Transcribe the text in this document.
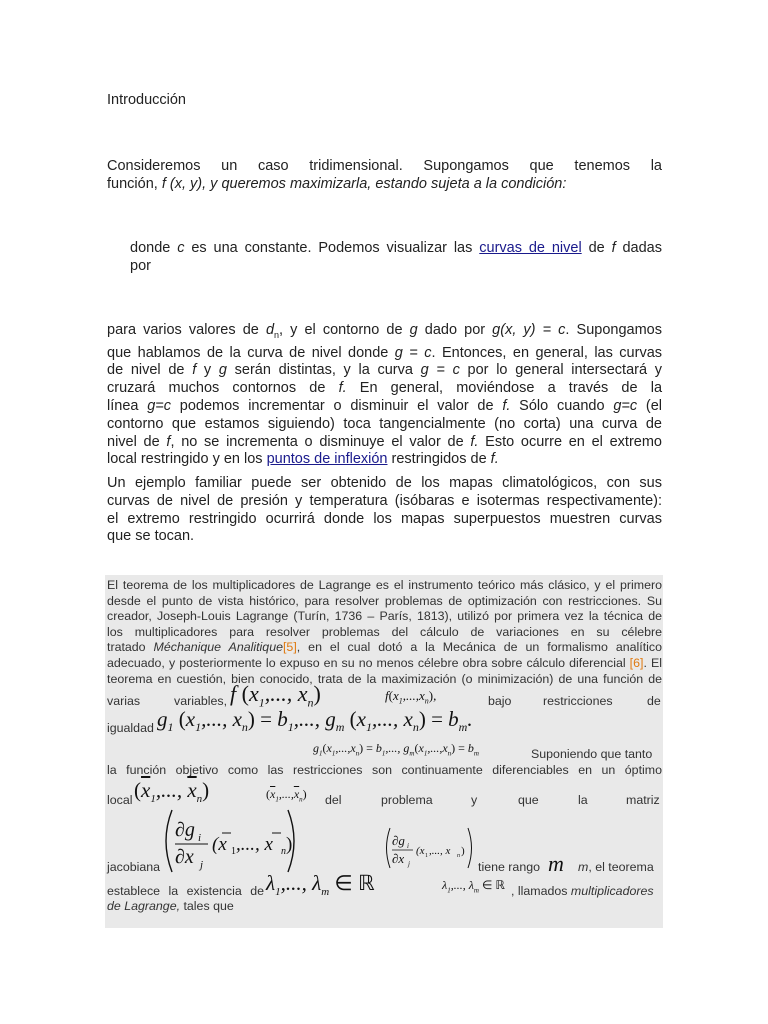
Introducción

Consideremos un caso tridimensional. Supongamos que tenemos la

función, f (x, y), y queremos maximizarla, estando sujeta a la condición:

donde c es una constante. Podemos visualizar las curvas de nivel de f dadas

por

para varios valores de $d_n$, y el contorno de g dado por g(x, y) = c. Supongamos

que hablamos de la curva de nivel donde g = c. Entonces, en general, las curvas

de nivel de f y g serán distintas, y la curva g = c por lo general intersectará y

cruzará muchos contornos de f. En general, moviéndose a través de la

línea g=c podemos incrementar o disminuir el valor de f. Sólo cuando g=c (el

contorno que estamos siguiendo) toca tangencialmente (no corta) una curva de

nivel de f, no se incrementa o disminuye el valor de f. Esto ocurre en el extremo

local restringido y en los puntos de inflexión restringidos de f.

Un ejemplo familiar puede ser obtenido de los mapas climatológicos, con sus

curvas de nivel de presión y temperatura (isóbaras e isotermas respectivamente):

el extremo restringido ocurrirá donde los mapas superpuestos muestren curvas

que se tocan.

El teorema de los multiplicadores de Lagrange es el instrumento teórico más clásico, y el primero

desde el punto de vista histórico, para resolver problemas de optimización con restricciones. Su

creador, Joseph-Louis Lagrange (Turín, 1736 – París, 1813), utilizó por primera vez la técnica de

los multiplicadores para resolver problemas del cálculo de variaciones en su célebre

tratado Méchanique Analitique[5], en el cual dotó a la Mecánica de un formalismo analítico

adecuado, y posteriormente lo expuso en su no menos célebre obra sobre cálculo diferencial [6]. El

teorema en cuestión, bien conocido, trata de la maximización (o minimización) de una función de

varias	variables, f ($x_1$,..., $x_n$)	$f(x_1,...,x_n)$,	bajo	restricciones	de
igualdad $g_1$ ($x_1$,..., $x_n) = b_1$,..., $g_m$ ($x_1$,..., $x_n) = b_m$.
$g_1(x_1,...,x_n) = b_1$,..., $g_m(x_1,...,x_n) = b_m$	Suponiendo que tanto

la función objetivo como las restricciones son continuamente diferenciables en un óptimo

local ($\overline{x}_1$,..., $\overline{x}_n$)	$(\overline{x}_1,...,\overline{x}_n)$ del	problema	y	que	la	matriz
jacobiana
∂g i
∂x j
(x 1 ,..., x n )	∂g i
∂x j
(x 1 ,..., x n )
tiene rango m m, el teorema
establece la existencia de $\lambda_1$,..., $\lambda_m$ ∈ ℝ	$\lambda_1$,..., $\lambda_m$ ∈ ℝ , llamados multiplicadores
de Lagrange, tales que
